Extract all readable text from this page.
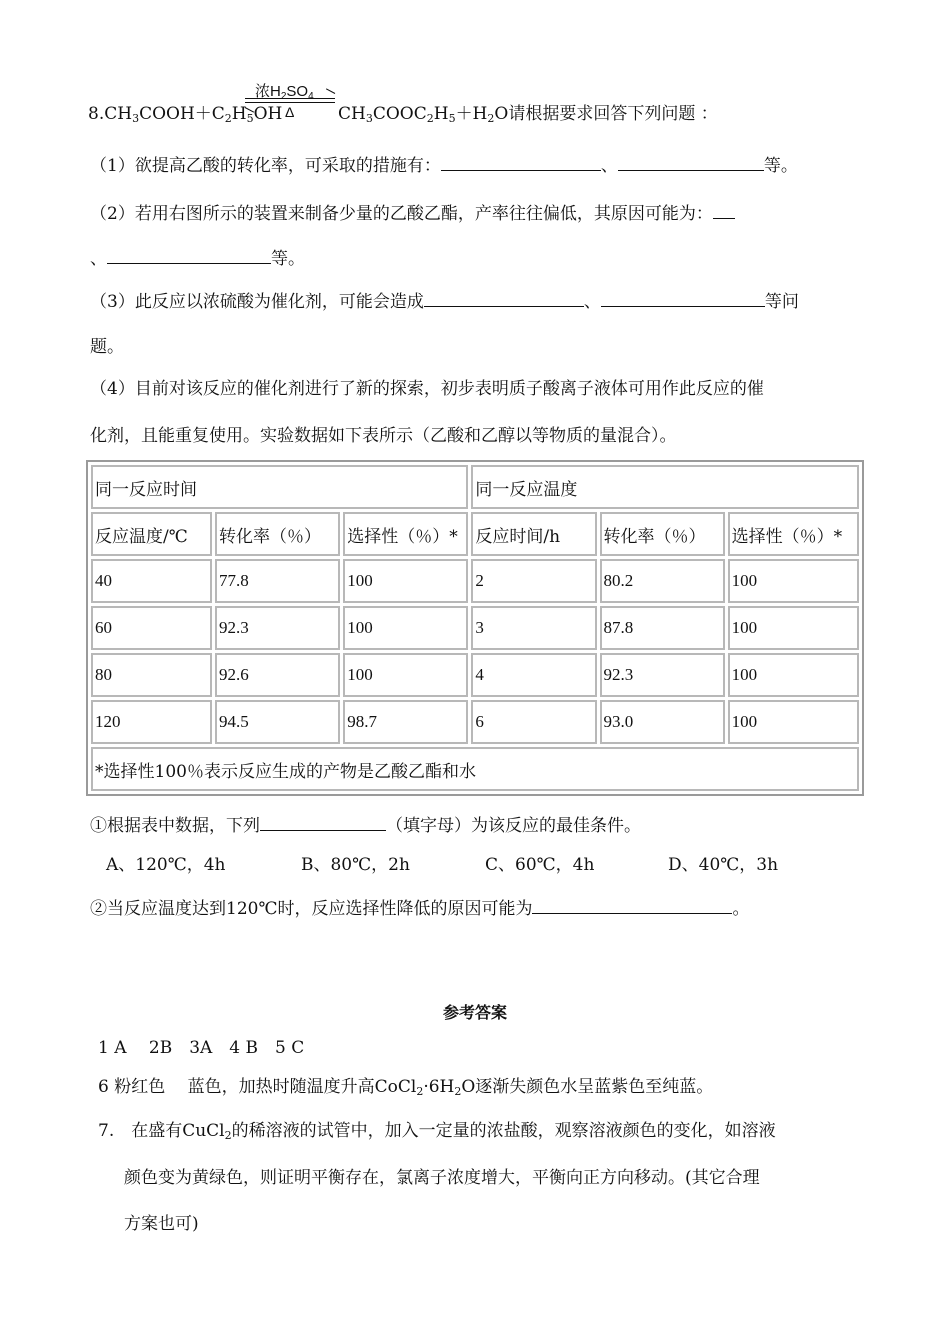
$8.CH_3COOH+C_2H_5OH$
浓$H_2SO_4$
Δ	$CH_3COOC_2H_5+H_2O$请根据要求回答下列问题 ：
（1）欲提高乙酸的转化率，可采取的措施有：	、	等。
（2）若用右图所示的装置来制备少量的乙酸乙酯，产率往往偏低，其原因可能为：
、	等。
（3）此反应以浓硫酸为催化剂，可能会造成	、	等问
题。
（4）目前对该反应的催化剂进行了新的探索，初步表明质子酸离子液体可用作此反应的催
化剂，且能重复使用。实验数据如下表所示（乙酸和乙醇以等物质的量混合）。
同一反应时间			同一反应温度		
反应温度/℃	转化率（％）	选择性（％）*	反应时间/h	转化率（％）	选择性（％）*
40	77.8	100	2	80.2	100
60	92.3	100	3	87.8	100
80	92.6	100	4	92.3	100
120	94.5	98.7	6	93.0	100
*选择性100％表示反应生成的产物是乙酸乙酯和水					
①根据表中数据，下列	（填字母）为该反应的最佳条件。
A、120℃，4h	B、80℃，2h	C、60℃，4h	D、40℃，3h
②当反应温度达到120℃时，反应选择性降低的原因可能为	。
参考答案
1 A　 2B　3A　4 B　5 C
6 粉红色　 蓝色，加热时随温度升高$CoCl_2\cdot 6H_2O$逐渐失颜色水呈蓝紫色至纯蓝。
7.　在盛有CuCl$_2$的稀溶液的试管中，加入一定量的浓盐酸，观察溶液颜色的变化，如溶液
颜色变为黄绿色，则证明平衡存在，氯离子浓度增大，平衡向正方向移动。(其它合理
方案也可)
